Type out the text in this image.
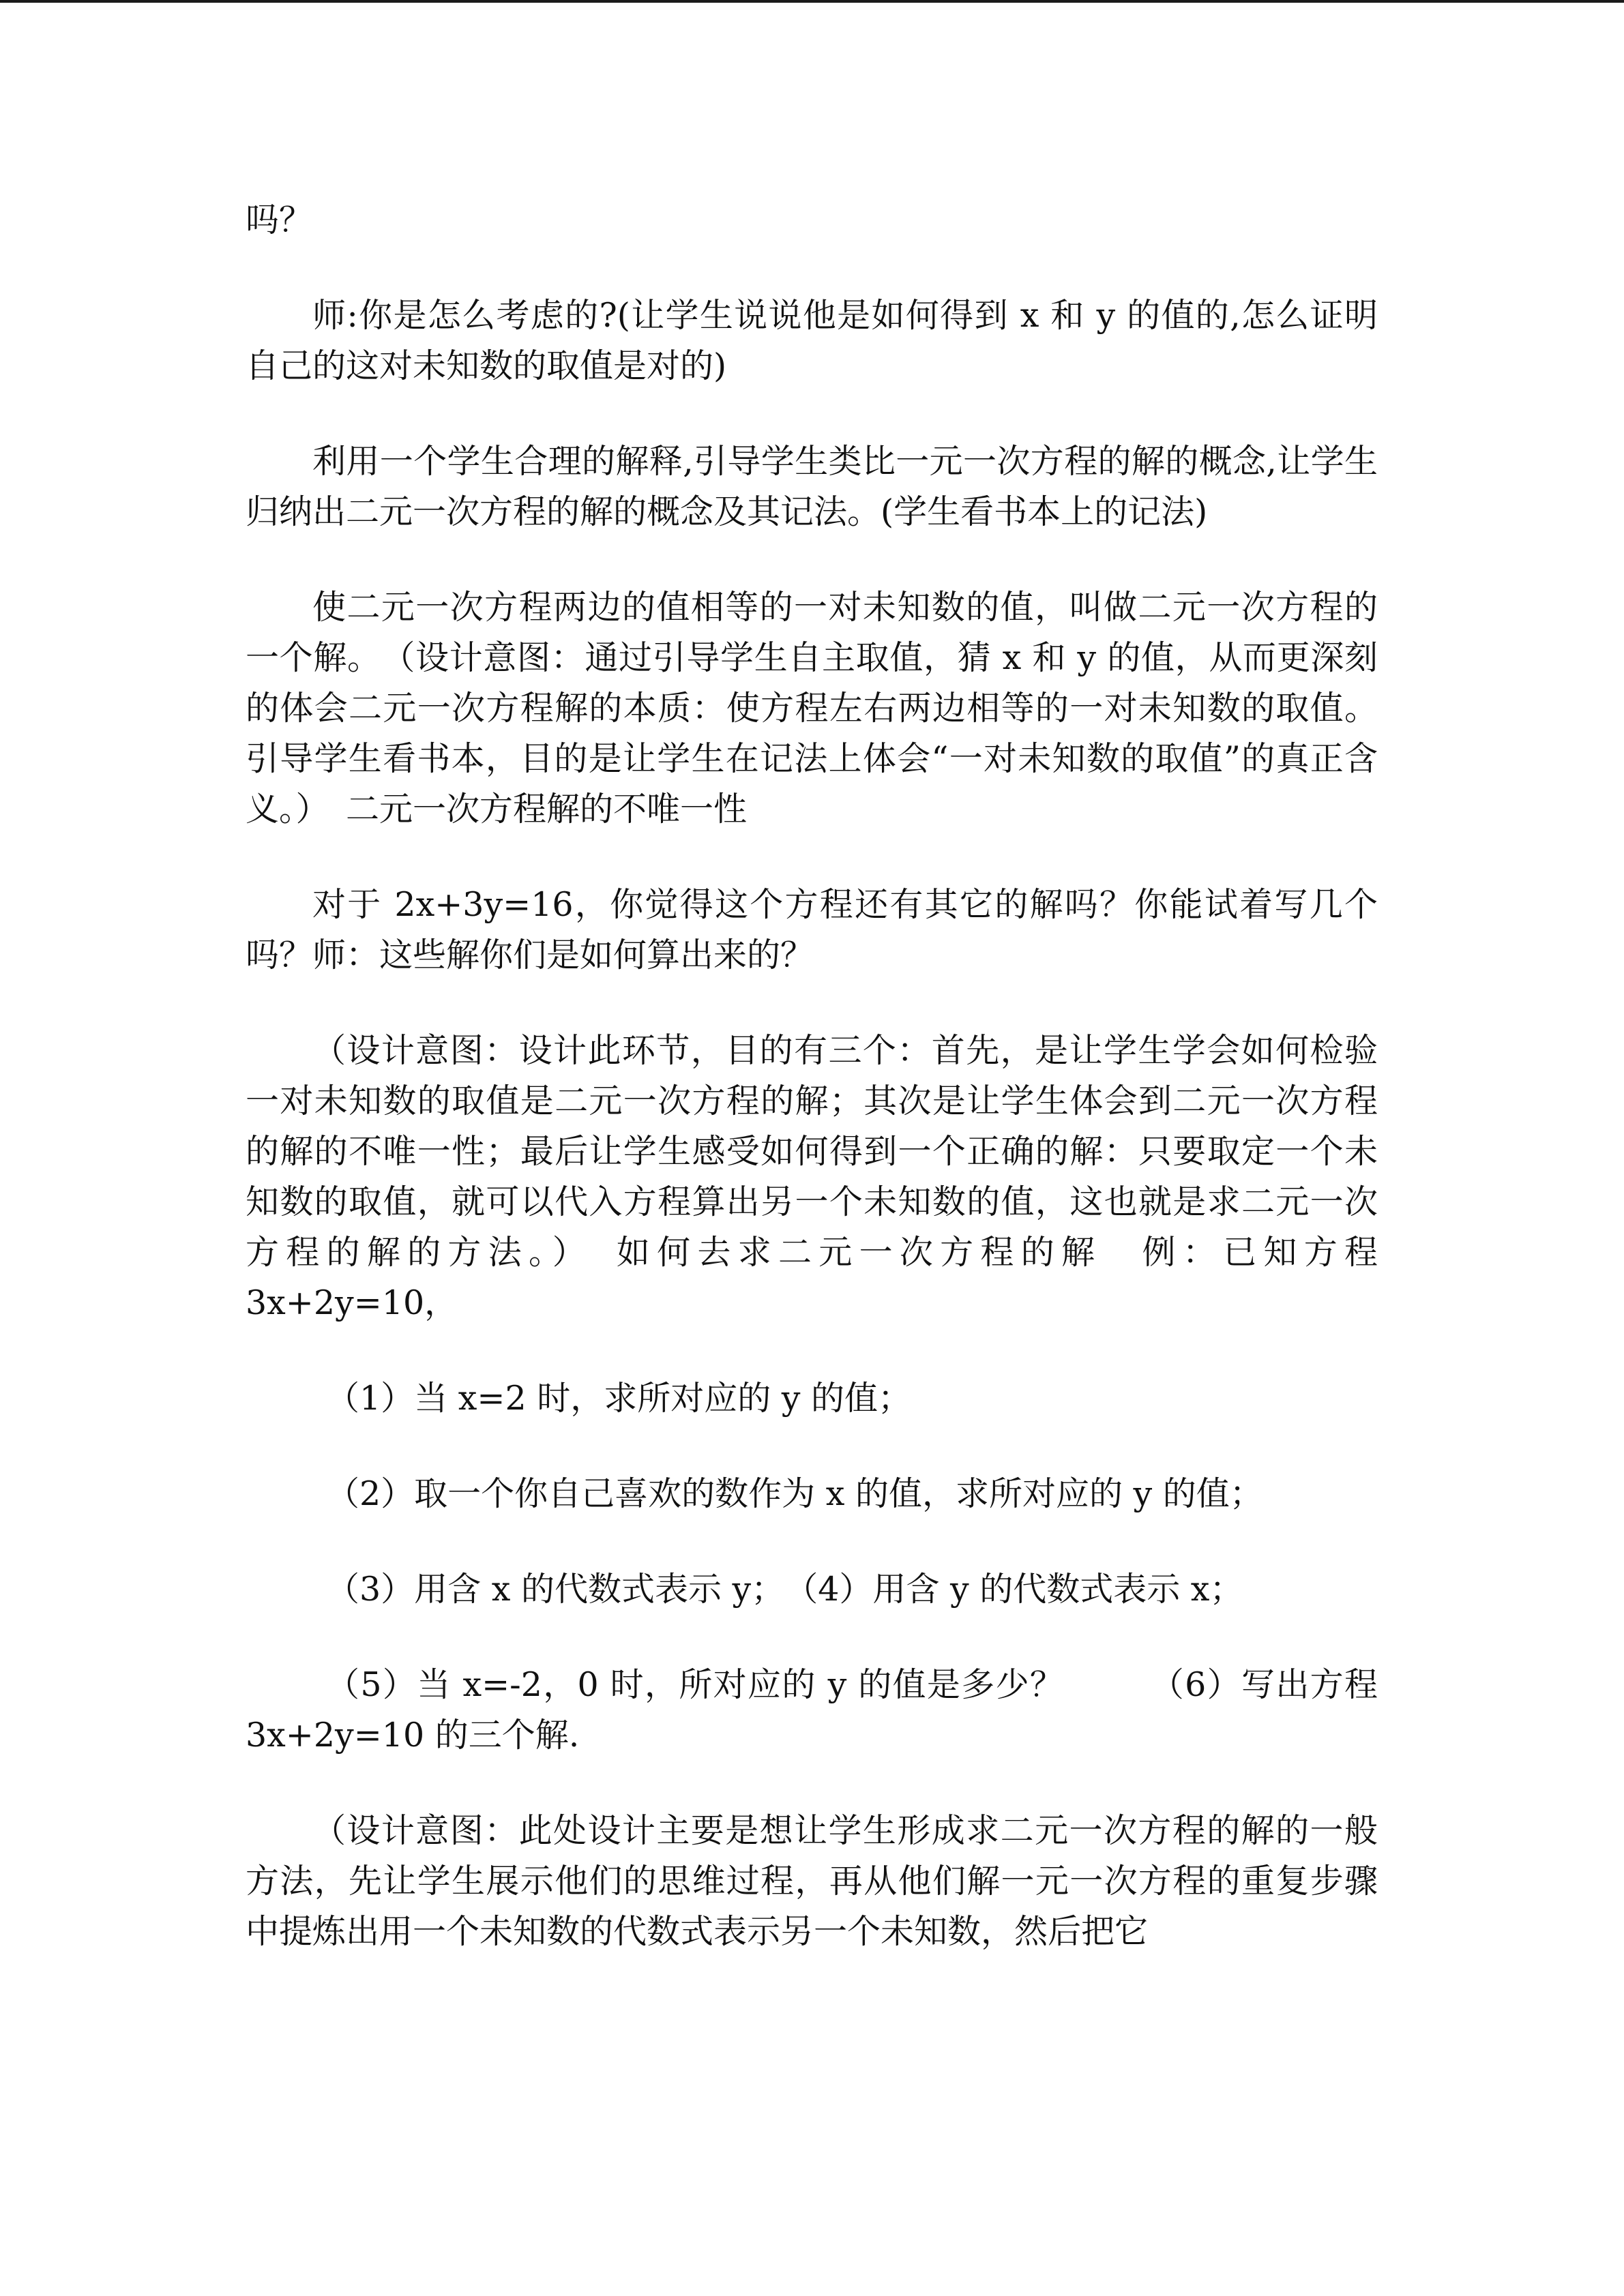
吗？

师:你是怎么考虑的?(让学生说说他是如何得到 x 和 y 的值的,怎么证明自己的这对未知数的取值是对的)

利用一个学生合理的解释,引导学生类比一元一次方程的解的概念,让学生归纳出二元一次方程的解的概念及其记法。(学生看书本上的记法)

使二元一次方程两边的值相等的一对未知数的值，叫做二元一次方程的一个解。　（设计意图：通过引导学生自主取值，猜 x 和 y 的值，从而更深刻的体会二元一次方程解的本质：使方程左右两边相等的一对未知数的取值。引导学生看书本，目的是让学生在记法上体会“一对未知数的取值”的真正含义。）　二元一次方程解的不唯一性

对于 2x+3y=16，你觉得这个方程还有其它的解吗？你能试着写几个吗？师：这些解你们是如何算出来的？

（设计意图：设计此环节，目的有三个：首先，是让学生学会如何检验一对未知数的取值是二元一次方程的解；其次是让学生体会到二元一次方程的解的不唯一性；最后让学生感受如何得到一个正确的解：只要取定一个未知数的取值，就可以代入方程算出另一个未知数的值，这也就是求二元一次方程的解的方法。）　如何去求二元一次方程的解　例：已知方程 3x+2y=10，

（1）当 x=2 时，求所对应的 y 的值；

（2）取一个你自己喜欢的数作为 x 的值，求所对应的 y 的值；

（3）用含 x 的代数式表示 y；　（4）用含 y 的代数式表示 x；

（5）当 x=-2，0 时，所对应的 y 的值是多少？　　　（6）写出方程 3x+2y=10 的三个解.

（设计意图：此处设计主要是想让学生形成求二元一次方程的解的一般方法，先让学生展示他们的思维过程，再从他们解一元一次方程的重复步骤中提炼出用一个未知数的代数式表示另一个未知数，然后把它
